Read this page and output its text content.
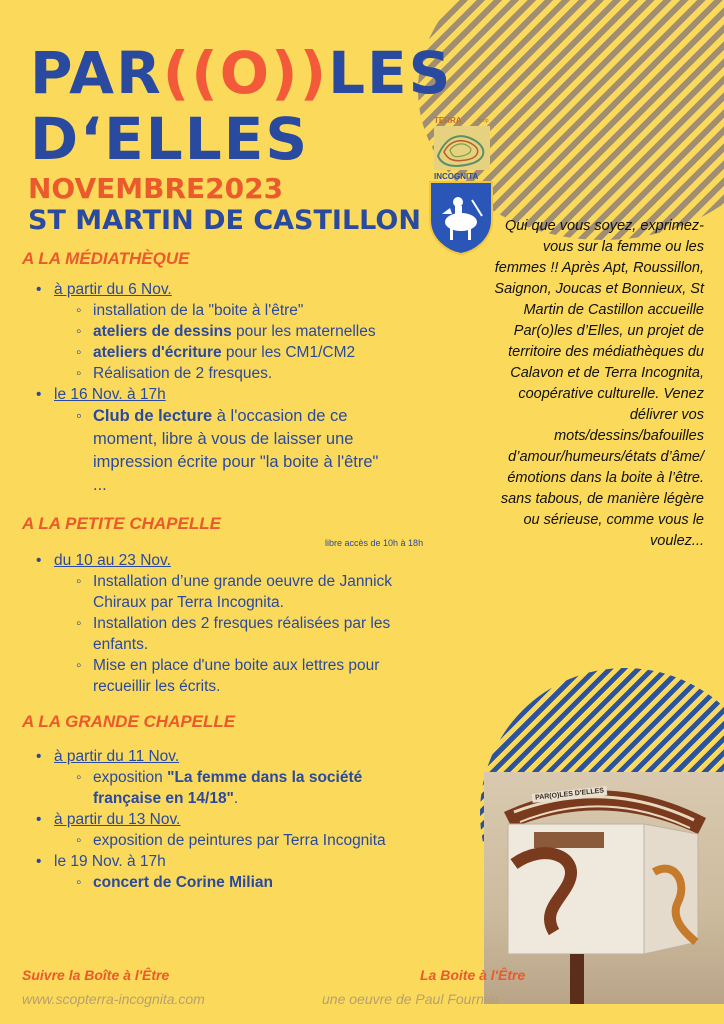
PAR((O))LES
D‘ELLES
NOVEMBRE2023
ST MARTIN DE CASTILLON
TERRA	scop
INCOGNITA
A LA MÉDIATHÈQUE
• à partir du 6 Nov.
◦ installation de la "boite à l'être"
◦ ateliers de dessins pour les maternelles
◦ ateliers d'écriture pour les CM1/CM2
◦ Réalisation de 2 fresques.
• le 16 Nov. à 17h
◦ Club de lecture à l'occasion de ce moment, libre à vous de laisser une impression écrite pour "la boite à l'être" ...
A LA PETITE CHAPELLE
libre accès de 10h à 18h
• du 10 au 23 Nov.
◦ Installation d’une grande oeuvre de Jannick Chiraux par Terra Incognita.
◦ Installation des 2 fresques réalisées par les enfants.
◦ Mise en place d'une boite aux lettres pour recueillir les écrits.
A LA GRANDE CHAPELLE
• à partir du 11 Nov.
◦ exposition "La femme dans la société française en 14/18".
• à partir du 13 Nov.
◦ exposition de peintures par Terra Incognita
• le 19 Nov. à 17h
◦ concert de Corine Milian
Qui que vous soyez, exprimez-vous sur la femme ou les femmes !! Après Apt, Roussillon, Saignon, Joucas et Bonnieux, St Martin de Castillon accueille Par(o)les d’Elles, un projet de territoire des médiathèques du Calavon et de Terra Incognita, coopérative culturelle. Venez délivrer vos mots/dessins/bafouilles d’amour/humeurs/états d’âme/émotions dans la boite à l’être. sans tabous, de manière légère ou sérieuse, comme vous le voulez...
PAR(O)LES D'ELLES
Suivre la Boîte à l'Être
www.scopterra-incognita.com
La Boite à l'Être
une oeuvre de Paul Fournier
